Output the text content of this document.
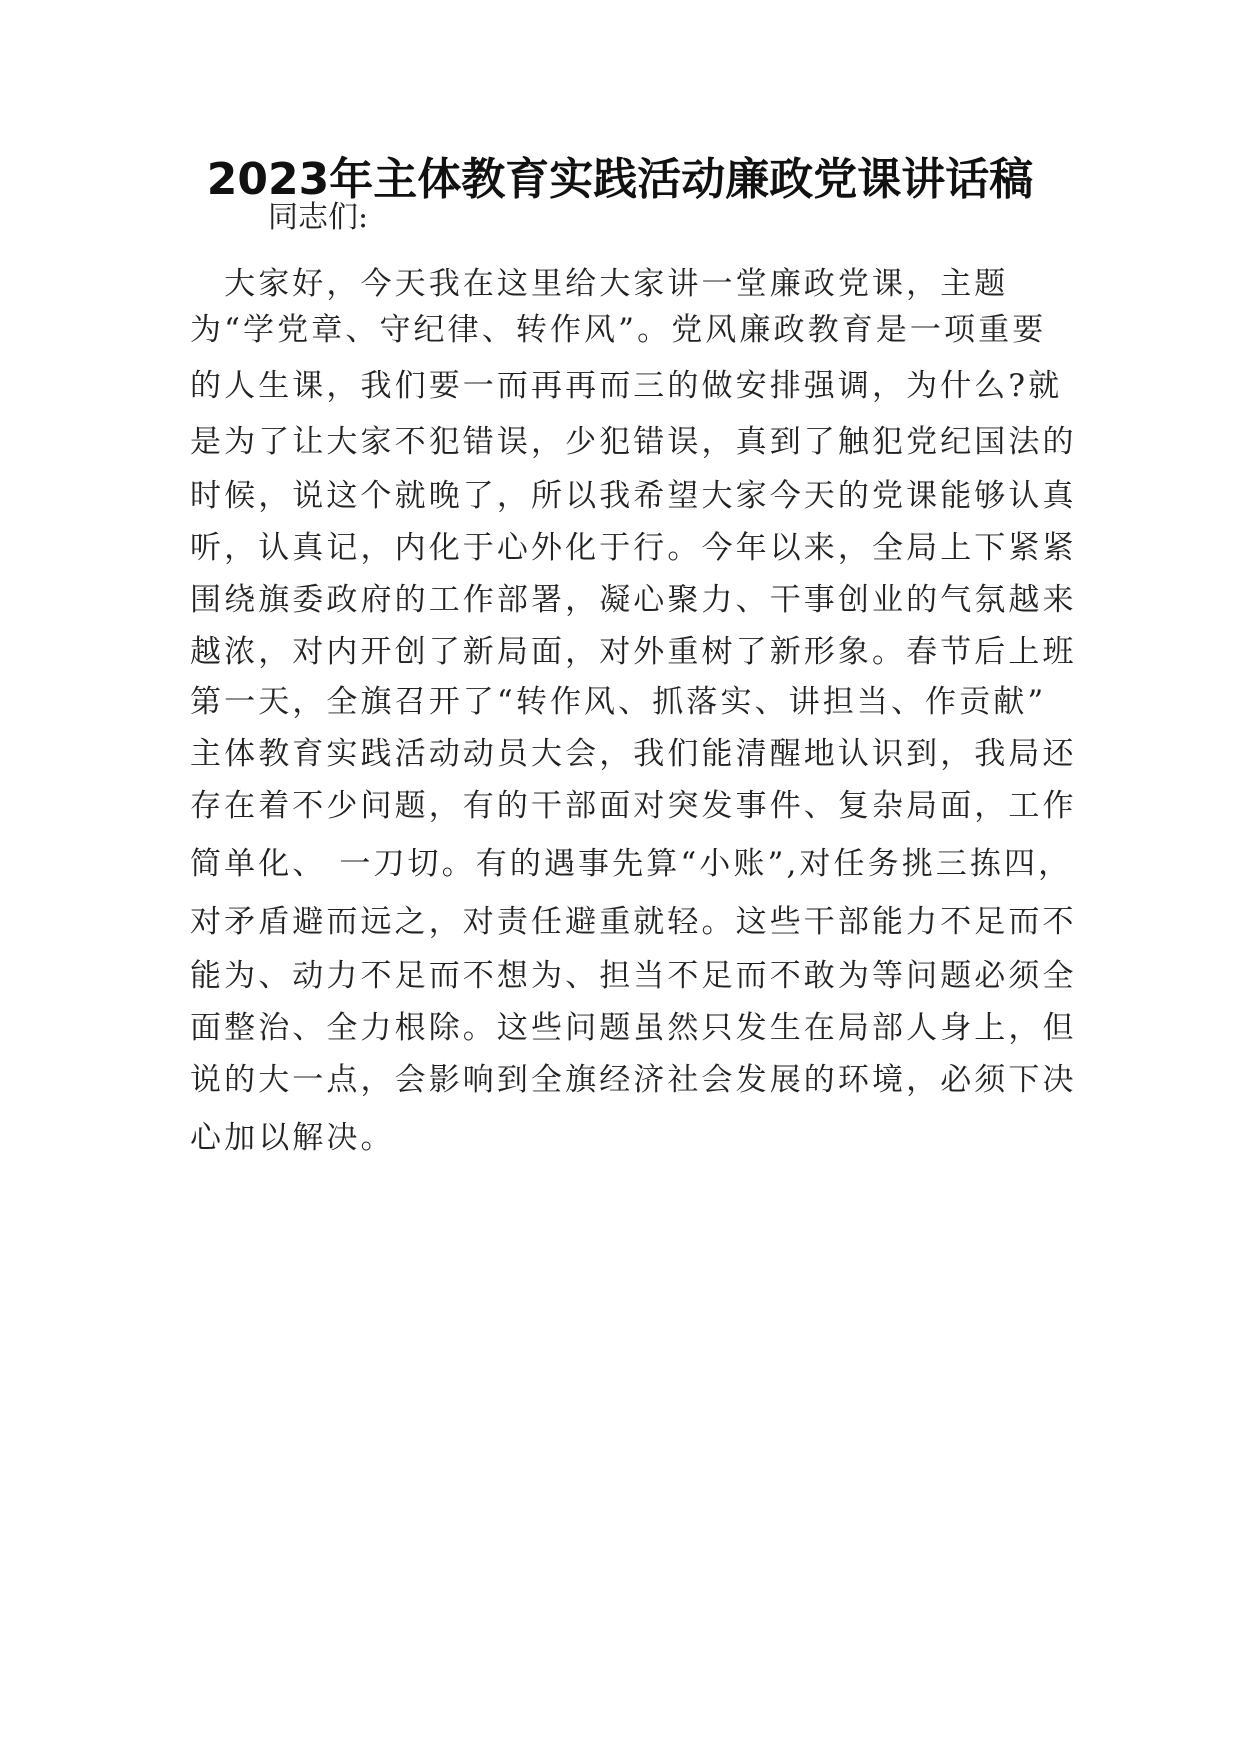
2023年主体教育实践活动廉政党课讲话稿
同志们:
　大家好，今天我在这里给大家讲一堂廉政党课，主题
为“学党章、守纪律、转作风”。党风廉政教育是一项重要
的人生课，我们要一而再再而三的做安排强调，为什么?就
是为了让大家不犯错误，少犯错误，真到了触犯党纪国法的
时候，说这个就晚了，所以我希望大家今天的党课能够认真
听，认真记，内化于心外化于行。今年以来，全局上下紧紧
围绕旗委政府的工作部署，凝心聚力、干事创业的气氛越来
越浓，对内开创了新局面，对外重树了新形象。春节后上班
第一天，全旗召开了“转作风、抓落实、讲担当、作贡献”
主体教育实践活动动员大会，我们能清醒地认识到，我局还
存在着不少问题，有的干部面对突发事件、复杂局面，工作
简单化、 一刀切。有的遇事先算“小账”,对任务挑三拣四，
对矛盾避而远之，对责任避重就轻。这些干部能力不足而不
能为、动力不足而不想为、担当不足而不敢为等问题必须全
面整治、全力根除。这些问题虽然只发生在局部人身上，但
说的大一点，会影响到全旗经济社会发展的环境，必须下决
心加以解决。
